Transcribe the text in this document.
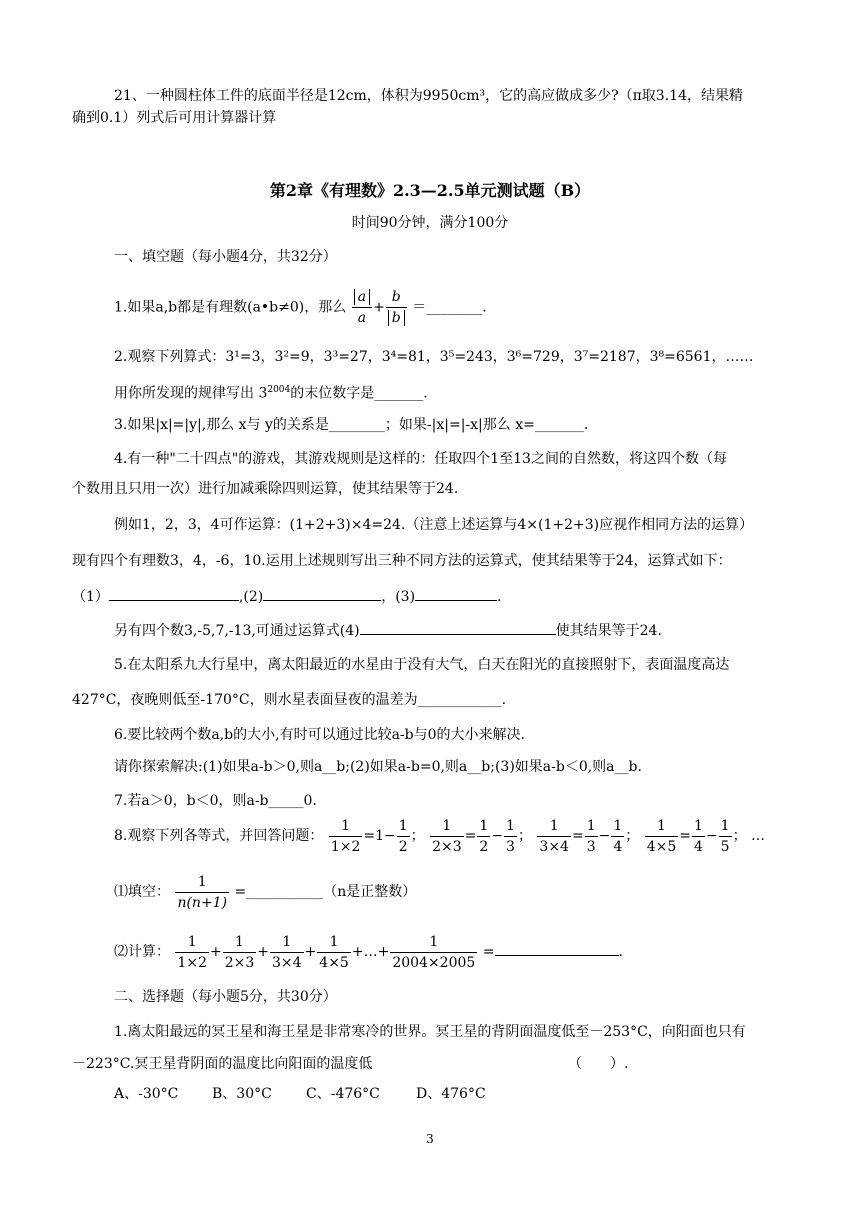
21、一种圆柱体工件的底面半径是12cm，体积为9950cm³，它的高应做成多少?（π取3.14，结果精
确到0.1）列式后可用计算器计算
第2章《有理数》2.3—2.5单元测试题（B）
时间90分钟，满分100分
一、填空题（每小题4分，共32分）
1.如果a,b都是有理数(a•b≠0)，那么 $\frac{a}{a} + \frac{b}{b}$ ＝________.
2.观察下列算式：3¹=3，3²=9，3³=27，3⁴=81，3⁵=243，3⁶=729，3⁷=2187，3⁸=6561，……
用你所发现的规律写出 $3^{2004}$的末位数字是_______.
3.如果|x|=|y|,那么 x与 y的关系是________；如果-|x|=|-x|那么 x=_______.
4.有一种"二十四点"的游戏，其游戏规则是这样的：任取四个1至13之间的自然数，将这四个数（每
个数用且只用一次）进行加减乘除四则运算，使其结果等于24.
例如1，2，3，4可作运算：(1+2+3)×4=24.（注意上述运算与4×(1+2+3)应视作相同方法的运算）
现有四个有理数3，4，-6，10.运用上述规则写出三种不同方法的运算式，使其结果等于24，运算式如下：
（1）	,(2)	，(3)	.
另有四个数3,-5,7,-13,可通过运算式(4)	使其结果等于24.
5.在太阳系九大行星中，离太阳最近的水星由于没有大气，白天在阳光的直接照射下，表面温度高达
427°C，夜晚则低至-170°C，则水星表面昼夜的温差为____________.
6.要比较两个数a,b的大小,有时可以通过比较a-b与0的大小来解决.
请你探索解决:(1)如果a-b＞0,则a__b;(2)如果a-b=0,则a__b;(3)如果a-b＜0,则a__b.
7.若a＞0，b＜0，则a-b_____0.
8.观察下列各等式，并回答问题： $\frac{1}{1\times 2} =1- \frac{1}{2}$ ； $\frac{1}{2\times 3} = \frac{1}{2} - \frac{1}{3}$ ； $\frac{1}{3\times 4} = \frac{1}{3} - \frac{1}{4}$ ； $\frac{1}{4\times 5} = \frac{1}{4} - \frac{1}{5}$ ； …
⑴填空： $\frac{1}{n(n+1)}$ =___________（n是正整数）
⑵计算： $\frac{1}{1\times 2} + \frac{1}{2\times 3} + \frac{1}{3\times 4} + \frac{1}{4\times 5}$ +…+ $\frac{1}{2004\times 2005}$ =	.
二、选择题（每小题5分，共30分）
1.离太阳最远的冥王星和海王星是非常寒冷的世界。冥王星的背阴面温度低至－253°C，向阳面也只有
－223°C.冥王星背阴面的温度比向阳面的温度低	（　　）.
A、-30°C B、30°C C、-476°C	D、476°C
3
